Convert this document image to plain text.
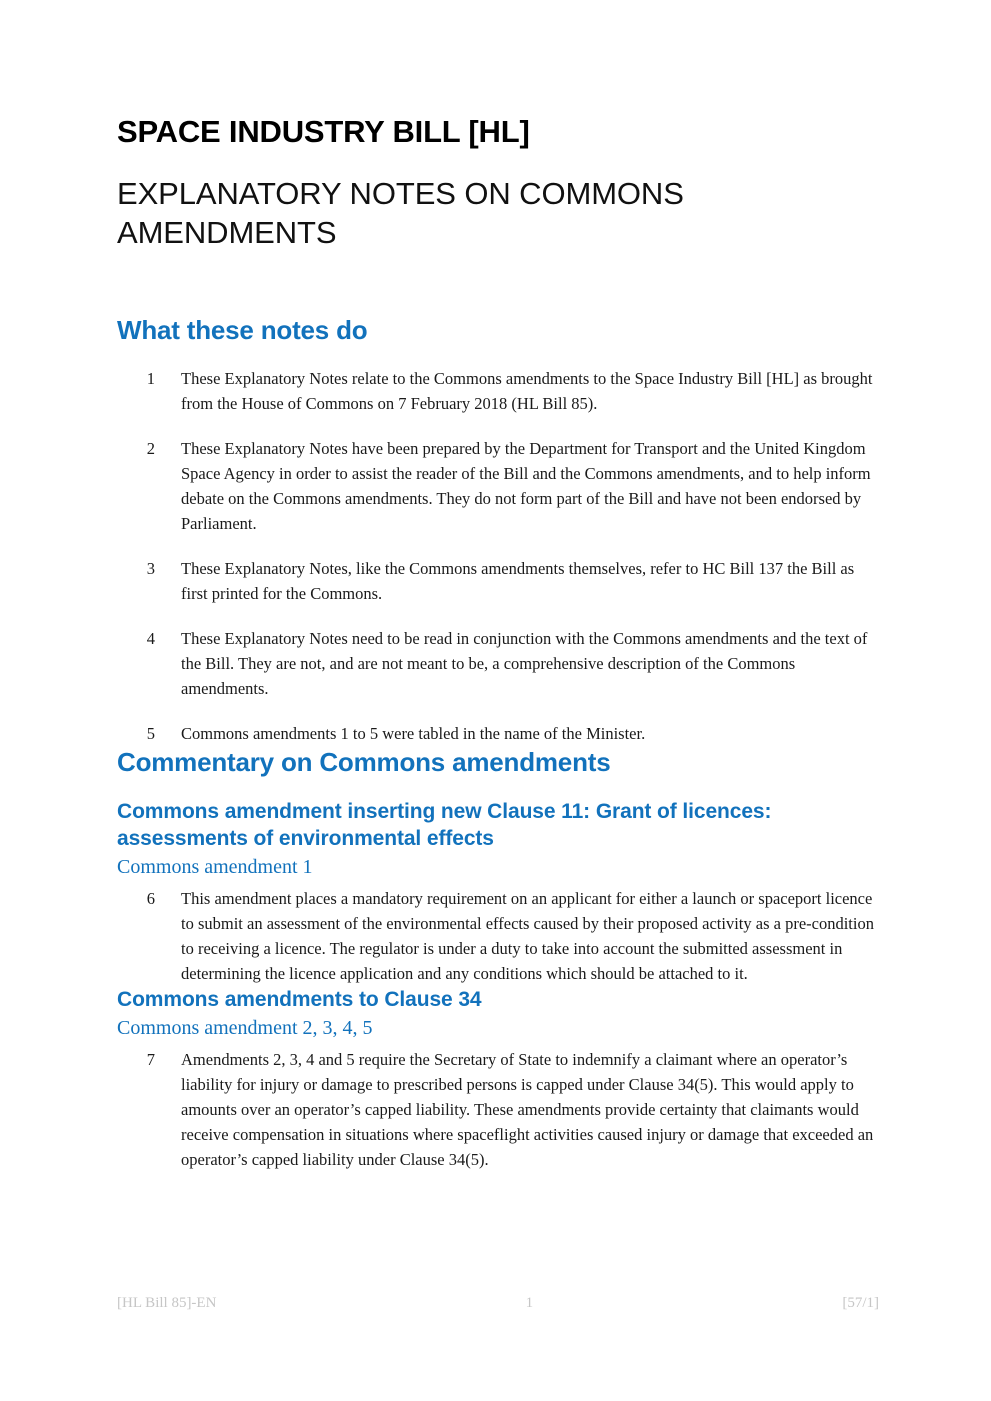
SPACE INDUSTRY BILL [HL]
EXPLANATORY NOTES ON COMMONS AMENDMENTS
What these notes do
1	These Explanatory Notes relate to the Commons amendments to the Space Industry Bill [HL] as brought from the House of Commons on 7 February 2018 (HL Bill 85).
2	These Explanatory Notes have been prepared by the Department for Transport and the United Kingdom Space Agency in order to assist the reader of the Bill and the Commons amendments, and to help inform debate on the Commons amendments. They do not form part of the Bill and have not been endorsed by Parliament.
3	These Explanatory Notes, like the Commons amendments themselves, refer to HC Bill 137 the Bill as first printed for the Commons.
4	These Explanatory Notes need to be read in conjunction with the Commons amendments and the text of the Bill. They are not, and are not meant to be, a comprehensive description of the Commons amendments.
5	Commons amendments 1 to 5 were tabled in the name of the Minister.
Commentary on Commons amendments
Commons amendment inserting new Clause 11: Grant of licences: assessments of environmental effects
Commons amendment 1
6	This amendment places a mandatory requirement on an applicant for either a launch or spaceport licence to submit an assessment of the environmental effects caused by their proposed activity as a pre-condition to receiving a licence. The regulator is under a duty to take into account the submitted assessment in determining the licence application and any conditions which should be attached to it.
Commons amendments to Clause 34
Commons amendment 2, 3, 4, 5
7	Amendments 2, 3, 4 and 5 require the Secretary of State to indemnify a claimant where an operator’s liability for injury or damage to prescribed persons is capped under Clause 34(5). This would apply to amounts over an operator’s capped liability. These amendments provide certainty that claimants would receive compensation in situations where spaceflight activities caused injury or damage that exceeded an operator’s capped liability under Clause 34(5).
[HL Bill 85]-EN	1	[57/1]
